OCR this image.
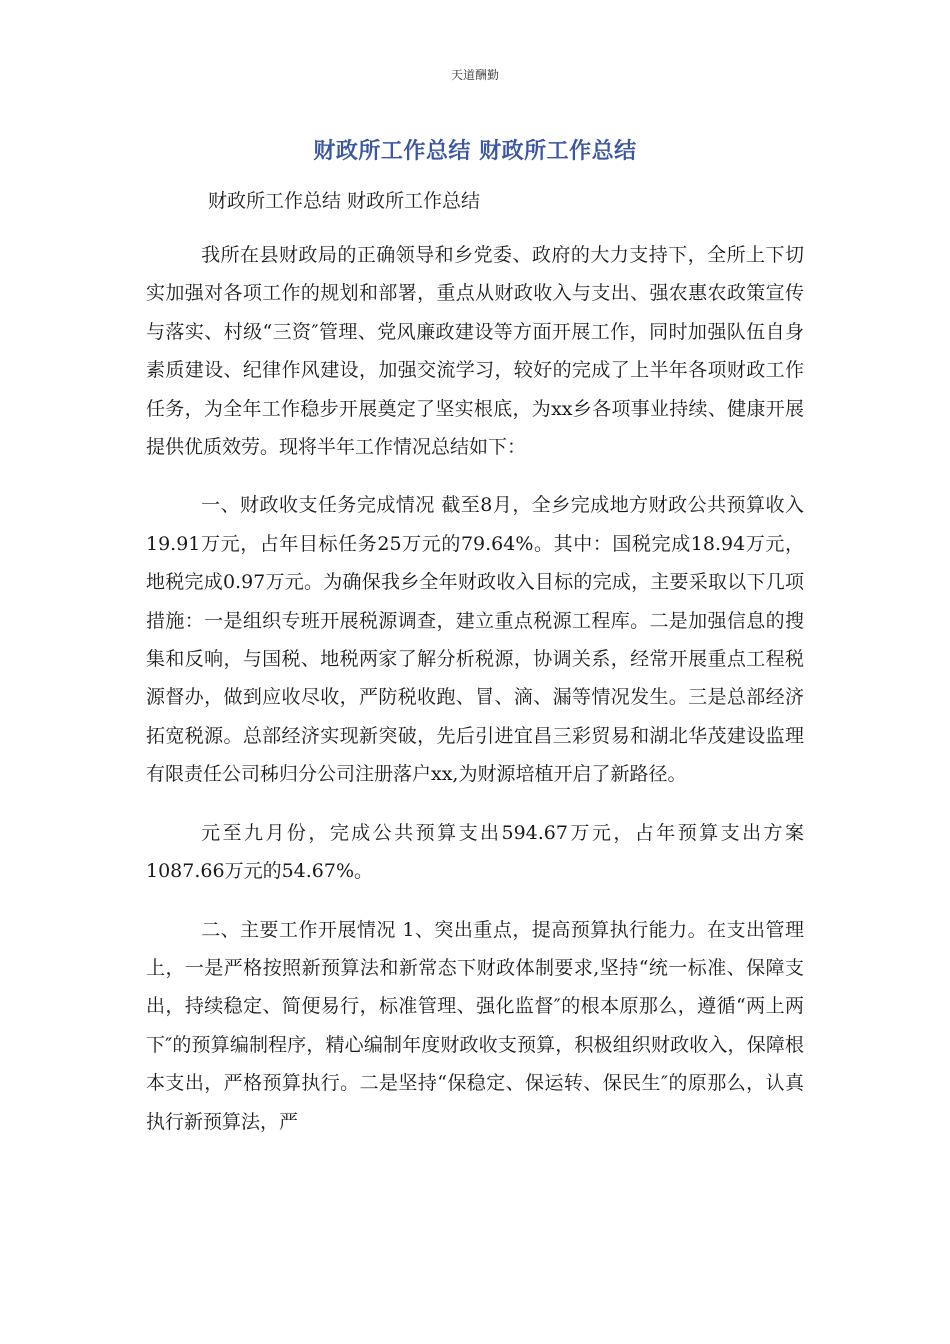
天道酬勤
财政所工作总结 财政所工作总结
财政所工作总结 财政所工作总结

我所在县财政局的正确领导和乡党委、政府的大力支持下，全所上下切实加强对各项工作的规划和部署，重点从财政收入与支出、强农惠农政策宣传与落实、村级“三资″管理、党风廉政建设等方面开展工作，同时加强队伍自身素质建设、纪律作风建设，加强交流学习，较好的完成了上半年各项财政工作任务，为全年工作稳步开展奠定了坚实根底，为xx乡各项事业持续、健康开展提供优质效劳。现将半年工作情况总结如下：

一、财政收支任务完成情况 截至8月，全乡完成地方财政公共预算收入19.91万元，占年目标任务25万元的79.64%。其中：国税完成18.94万元，地税完成0.97万元。为确保我乡全年财政收入目标的完成，主要采取以下几项措施：一是组织专班开展税源调查，建立重点税源工程库。二是加强信息的搜集和反响，与国税、地税两家了解分析税源，协调关系，经常开展重点工程税源督办，做到应收尽收，严防税收跑、冒、滴、漏等情况发生。三是总部经济拓宽税源。总部经济实现新突破，先后引进宜昌三彩贸易和湖北华茂建设监理有限责任公司秭归分公司注册落户xx,为财源培植开启了新路径。

元至九月份，完成公共预算支出594.67万元，占年预算支出方案1087.66万元的54.67%。

二、主要工作开展情况 1、突出重点，提高预算执行能力。在支出管理上，一是严格按照新预算法和新常态下财政体制要求,坚持“统一标准、保障支出，持续稳定、简便易行，标准管理、强化监督″的根本原那么，遵循“两上两下″的预算编制程序，精心编制年度财政收支预算，积极组织财政收入，保障根本支出，严格预算执行。二是坚持“保稳定、保运转、保民生″的原那么，认真执行新预算法，严
